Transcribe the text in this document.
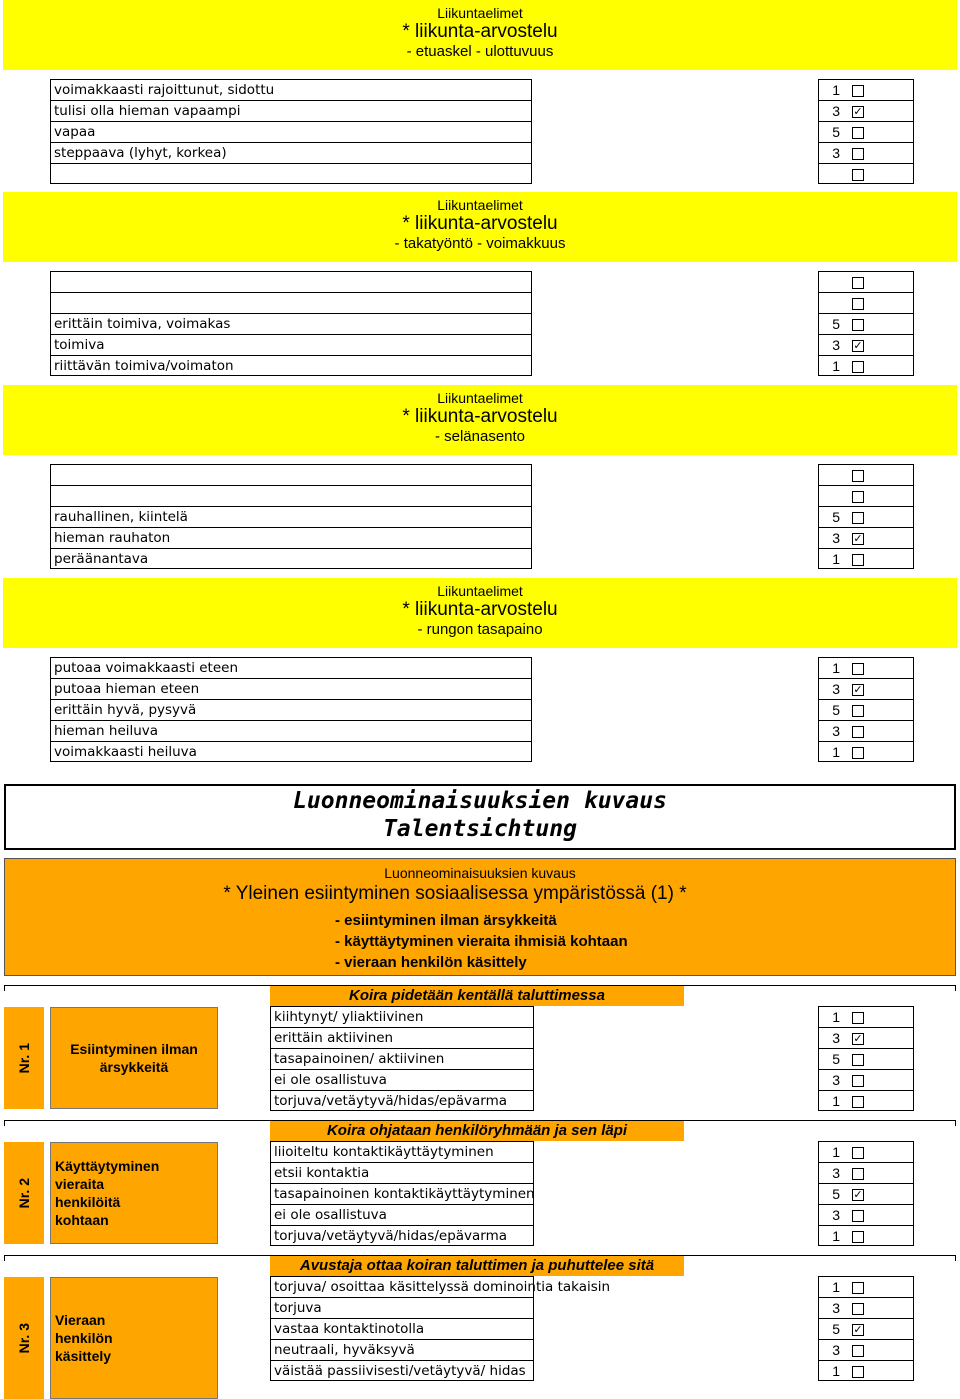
Liikuntaelimet
* liikunta-arvostelu
- etuaskel - ulottuvuus
voimakkaasti rajoittunut, sidottu	1
tulisi olla hieman vapaampi	3 ✓
vapaa	5
steppaava (lyhyt, korkea)	3
Liikuntaelimet
* liikunta-arvostelu
- takatyöntö - voimakkuus
erittäin toimiva, voimakas	5
toimiva	3 ✓
riittävän toimiva/voimaton	1
Liikuntaelimet
* liikunta-arvostelu
- selänasento
rauhallinen, kiintelä	5
hieman rauhaton	3 ✓
peräänantava	1
Liikuntaelimet
* liikunta-arvostelu
- rungon tasapaino
putoaa voimakkaasti eteen	1
putoaa hieman eteen	3 ✓
erittäin hyvä, pysyvä	5
hieman heiluva	3
voimakkaasti heiluva	1
Luonneominaisuuksien kuvaus
Talentsichtung
Luonneominaisuuksien kuvaus
* Yleinen esiintyminen sosiaalisessa ympäristössä (1) *
- esiintyminen ilman ärsykkeitä
- käyttäytyminen vieraita ihmisiä kohtaan
- vieraan henkilön käsittely
Nr. 1	Esiintyminen ilman ärsykkeitä
Koira pidetään kentällä taluttimessa
kiihtynyt/ yliaktiivinen	1
erittäin aktiivinen	3 ✓
tasapainoinen/ aktiivinen	5
ei ole osallistuva	3
torjuva/vetäytyvä/hidas/epävarma	1
Nr. 2
Käyttäytyminen vieraita henkilöitä kohtaan
Koira ohjataan henkilöryhmään ja sen läpi
liioiteltu kontaktikäyttäytyminen	1
etsii kontaktia	3
tasapainoinen kontaktikäyttäytyminen	5 ✓
ei ole osallistuva	3
torjuva/vetäytyvä/hidas/epävarma	1
Nr. 3
Vieraan henkilön käsittely
Avustaja ottaa koiran taluttimen ja puhuttelee sitä
torjuva/ osoittaa käsittelyssä dominointia takaisin	1
torjuva	3
vastaa kontaktinotolla	5 ✓
neutraali, hyväksyvä	3
väistää passiivisesti/vetäytyvä/ hidas	1
